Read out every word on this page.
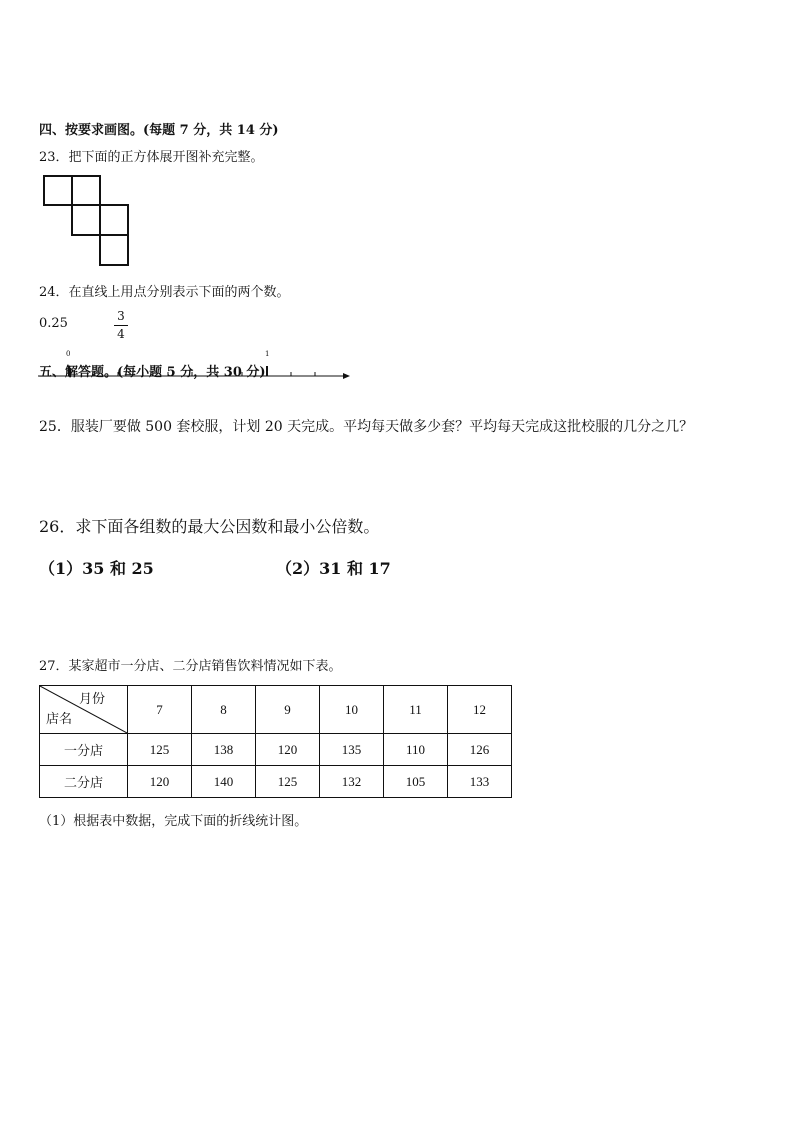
四、按要求画图。(每题 7 分，共 14 分)
23．把下面的正方体展开图补充完整。
24．在直线上用点分别表示下面的两个数。
0.25	3
4
0	1
五、解答题。(每小题 5 分，共 30 分)
25．服装厂要做 500 套校服，计划 20 天完成。平均每天做多少套？平均每天完成这批校服的几分之几？
26．求下面各组数的最大公因数和最小公倍数。
（1）35 和 25	（2）31 和 17
27．某家超市一分店、二分店销售饮料情况如下表。
月份
店名	7	8	9	10	11	12
一分店	125	138	120	135	110	126
二分店	120	140	125	132	105	133
（1）根据表中数据，完成下面的折线统计图。
